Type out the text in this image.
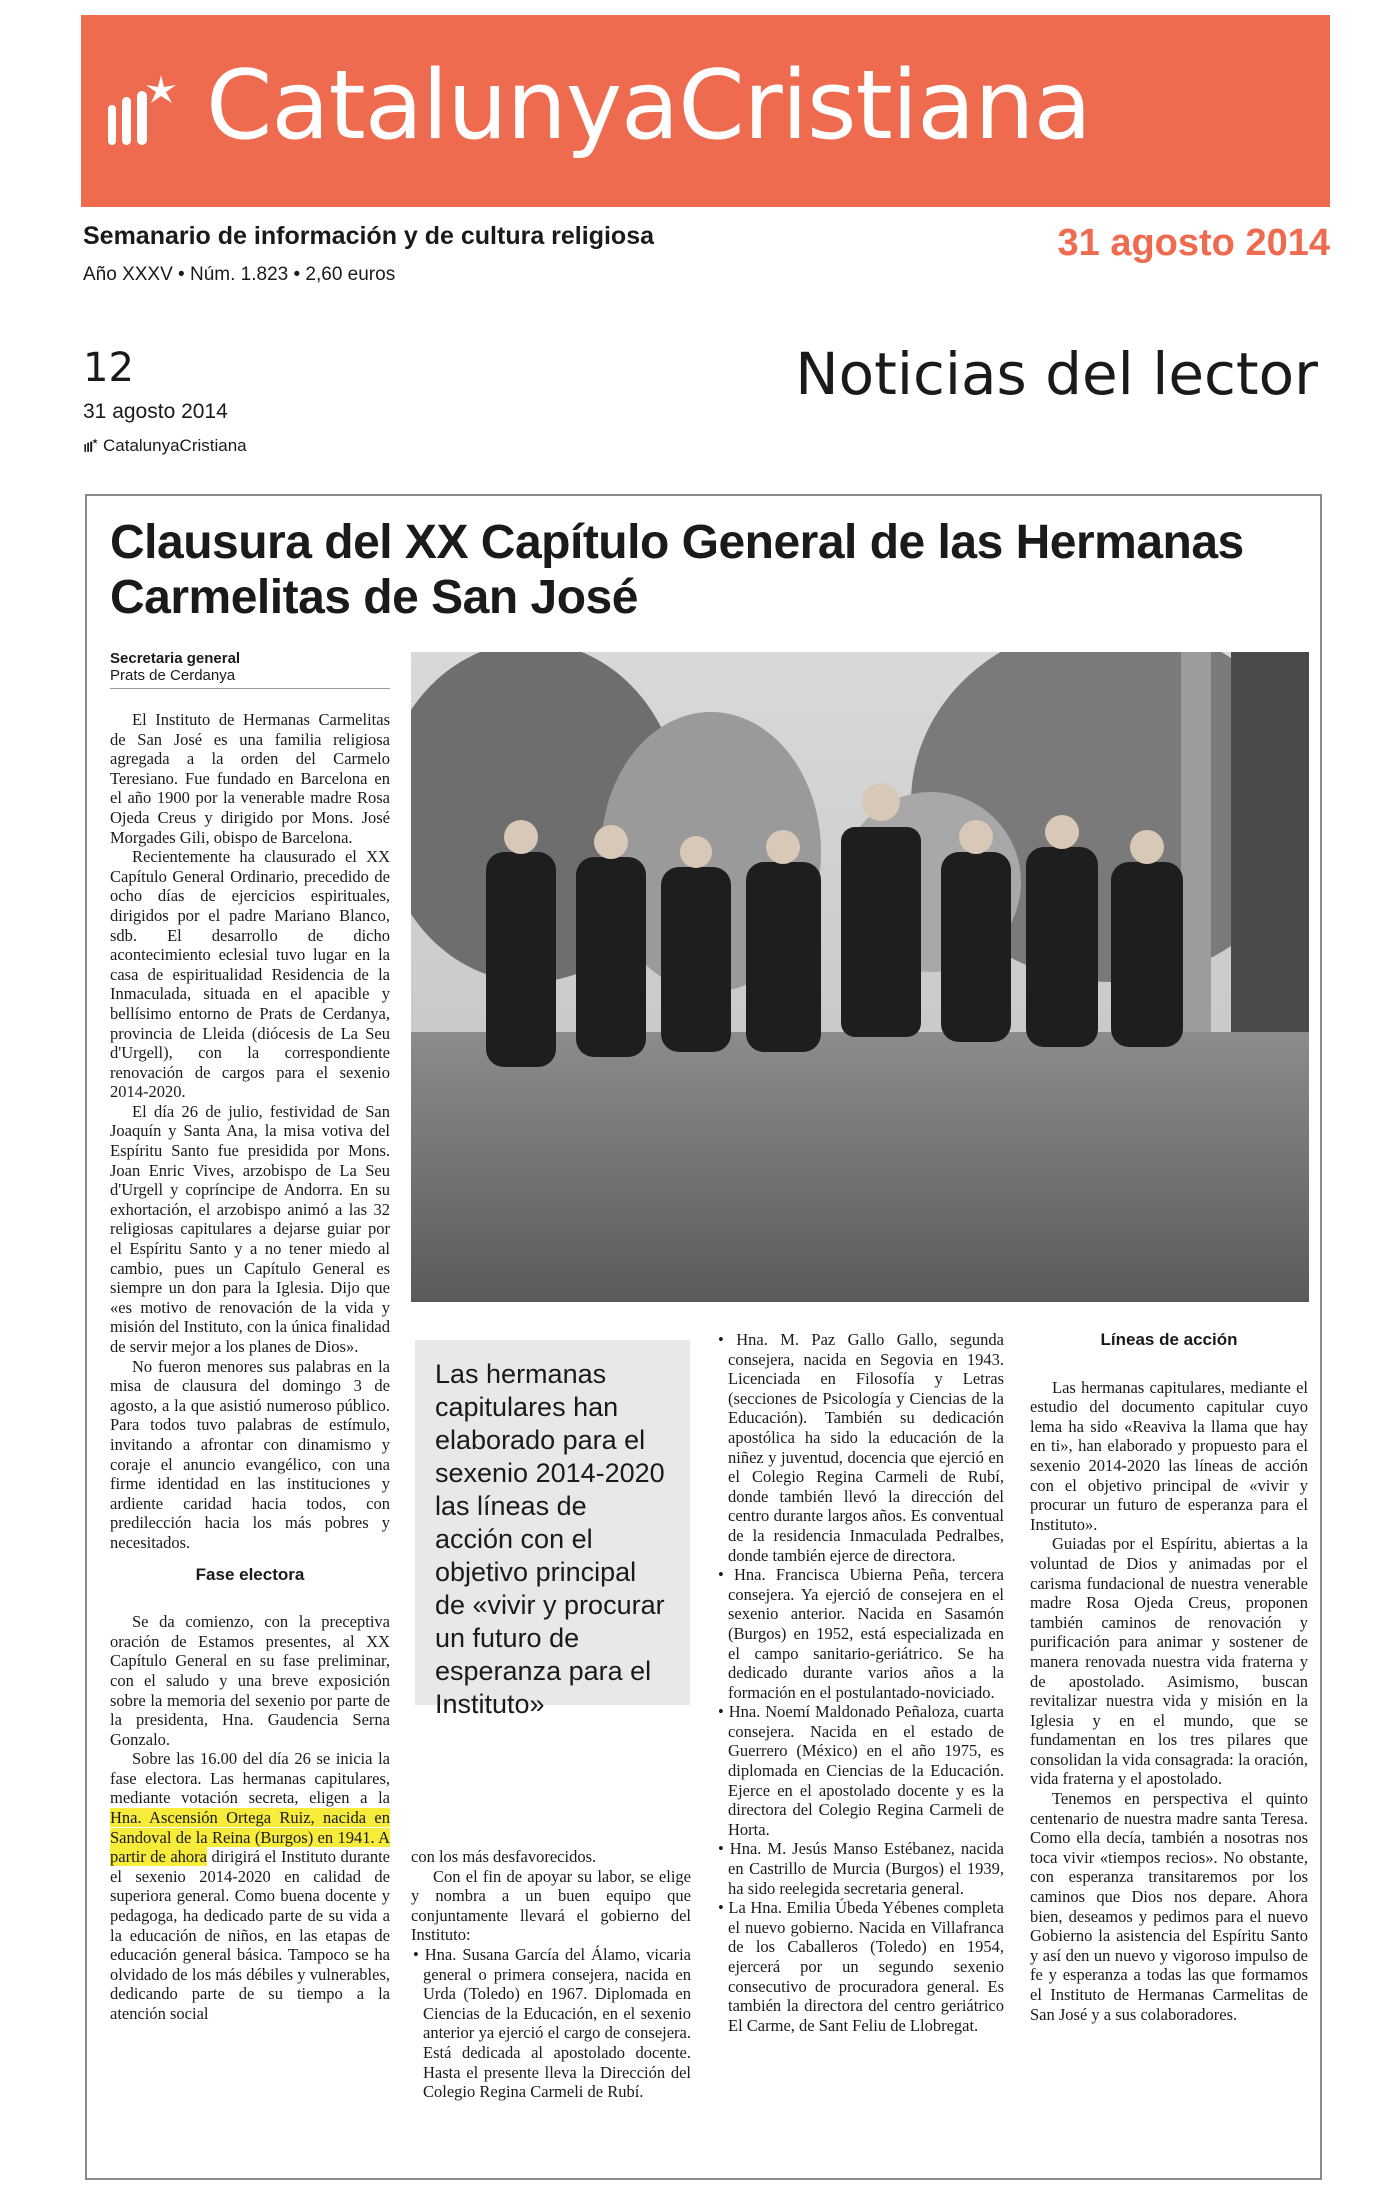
CatalunyaCristiana
Semanario de información y de cultura religiosa
Año XXXV • Núm. 1.823 • 2,60 euros
31 agosto 2014
12
31 agosto 2014
CatalunyaCristiana
Noticias del lector
Clausura del XX Capítulo General de las Hermanas Carmelitas de San José
Secretaria general
Prats de Cerdanya
Las hermanas capitulares han elaborado para el sexenio 2014-2020 las líneas de acción con el objetivo principal de «vivir y procurar un futuro de esperanza para el Instituto»

El Instituto de Hermanas Carmelitas de San José es una familia religiosa agregada a la orden del Carmelo Teresiano. Fue fundado en Barcelona en el año 1900 por la venerable madre Rosa Ojeda Creus y dirigido por Mons. José Morgades Gili, obispo de Barcelona.

Recientemente ha clausurado el XX Capítulo General Ordinario, precedido de ocho días de ejercicios espirituales, dirigidos por el padre Mariano Blanco, sdb. El desarrollo de dicho acontecimiento eclesial tuvo lugar en la casa de espiritualidad Residencia de la Inmaculada, situada en el apacible y bellísimo entorno de Prats de Cerdanya, provincia de Lleida (diócesis de La Seu d'Urgell), con la correspondiente renovación de cargos para el sexenio 2014-2020.

El día 26 de julio, festividad de San Joaquín y Santa Ana, la misa votiva del Espíritu Santo fue presidida por Mons. Joan Enric Vives, arzobispo de La Seu d'Urgell y copríncipe de Andorra. En su exhortación, el arzobispo animó a las 32 religiosas capitulares a dejarse guiar por el Espíritu Santo y a no tener miedo al cambio, pues un Capítulo General es siempre un don para la Iglesia. Dijo que «es motivo de renovación de la vida y misión del Instituto, con la única finalidad de servir mejor a los planes de Dios».

No fueron menores sus palabras en la misa de clausura del domingo 3 de agosto, a la que asistió numeroso público. Para todos tuvo palabras de estímulo, invitando a afrontar con dinamismo y coraje el anuncio evangélico, con una firme identidad en las instituciones y ardiente caridad hacia todos, con predilección hacia los más pobres y necesitados.

Fase electora

Se da comienzo, con la preceptiva oración de Estamos presentes, al XX Capítulo General en su fase preliminar, con el saludo y una breve exposición sobre la memoria del sexenio por parte de la presidenta, Hna. Gaudencia Serna Gonzalo.

Sobre las 16.00 del día 26 se inicia la fase electora. Las hermanas capitulares, mediante votación secreta, eligen a la Hna. Ascensión Ortega Ruiz, nacida en Sandoval de la Reina (Burgos) en 1941. A partir de ahora dirigirá el Instituto durante el sexenio 2014-2020 en calidad de superiora general. Como buena docente y pedagoga, ha dedicado parte de su vida a la educación de niños, en las etapas de educación general básica. Tampoco se ha olvidado de los más débiles y vulnerables, dedicando parte de su tiempo a la atención social

con los más desfavorecidos.

Con el fin de apoyar su labor, se elige y nombra a un buen equipo que conjuntamente llevará el gobierno del Instituto:

• Hna. Susana García del Álamo, vicaria general o primera consejera, nacida en Urda (Toledo) en 1967. Diplomada en Ciencias de la Educación, en el sexenio anterior ya ejerció el cargo de consejera. Está dedicada al apostolado docente. Hasta el presente lleva la Dirección del Colegio Regina Carmeli de Rubí.
• Hna. M. Paz Gallo Gallo, segunda consejera, nacida en Segovia en 1943. Licenciada en Filosofía y Letras (secciones de Psicología y Ciencias de la Educación). También su dedicación apostólica ha sido la educación de la niñez y juventud, docencia que ejerció en el Colegio Regina Carmeli de Rubí, donde también llevó la dirección del centro durante largos años. Es conventual de la residencia Inmaculada Pedralbes, donde también ejerce de directora.
• Hna. Francisca Ubierna Peña, tercera consejera. Ya ejerció de consejera en el sexenio anterior. Nacida en Sasamón (Burgos) en 1952, está especializada en el campo sanitario-geriátrico. Se ha dedicado durante varios años a la formación en el postulantado-noviciado.
• Hna. Noemí Maldonado Peñaloza, cuarta consejera. Nacida en el estado de Guerrero (México) en el año 1975, es diplomada en Ciencias de la Educación. Ejerce en el apostolado docente y es la directora del Colegio Regina Carmeli de Horta.
• Hna. M. Jesús Manso Estébanez, nacida en Castrillo de Murcia (Burgos) el 1939, ha sido reelegida secretaria general.
• La Hna. Emilia Úbeda Yébenes completa el nuevo gobierno. Nacida en Villafranca de los Caballeros (Toledo) en 1954, ejercerá por un segundo sexenio consecutivo de procuradora general. Es también la directora del centro geriátrico El Carme, de Sant Feliu de Llobregat.
Líneas de acción

Las hermanas capitulares, mediante el estudio del documento capitular cuyo lema ha sido «Reaviva la llama que hay en ti», han elaborado y propuesto para el sexenio 2014-2020 las líneas de acción con el objetivo principal de «vivir y procurar un futuro de esperanza para el Instituto».

Guiadas por el Espíritu, abiertas a la voluntad de Dios y animadas por el carisma fundacional de nuestra venerable madre Rosa Ojeda Creus, proponen también caminos de renovación y purificación para animar y sostener de manera renovada nuestra vida fraterna y de apostolado. Asimismo, buscan revitalizar nuestra vida y misión en la Iglesia y en el mundo, que se fundamentan en los tres pilares que consolidan la vida consagrada: la oración, vida fraterna y el apostolado.

Tenemos en perspectiva el quinto centenario de nuestra madre santa Teresa. Como ella decía, también a nosotras nos toca vivir «tiempos recios». No obstante, con esperanza transitaremos por los caminos que Dios nos depare. Ahora bien, deseamos y pedimos para el nuevo Gobierno la asistencia del Espíritu Santo y así den un nuevo y vigoroso impulso de fe y esperanza a todas las que formamos el Instituto de Hermanas Carmelitas de San José y a sus colaboradores.
